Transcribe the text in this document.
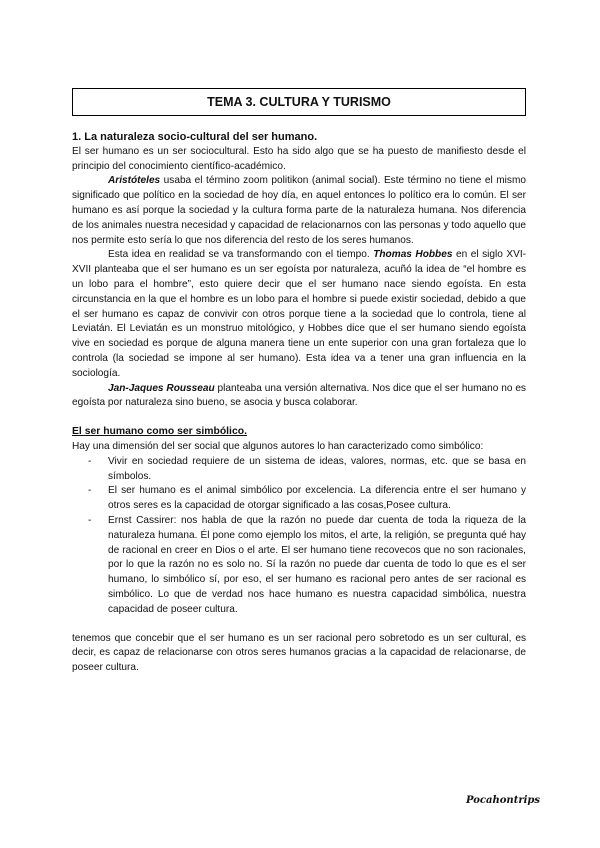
TEMA 3. CULTURA Y TURISMO
1. La naturaleza socio-cultural del ser humano.

El ser humano es un ser sociocultural. Esto ha sido algo que se ha puesto de manifiesto desde el principio del conocimiento científico-académico.

Aristóteles usaba el término zoom politikon (animal social). Este término no tiene el mismo significado que político en la sociedad de hoy día, en aquel entonces lo político era lo común. El ser humano es así porque la sociedad y la cultura forma parte de la naturaleza humana. Nos diferencia de los animales nuestra necesidad y capacidad de relacionarnos con las personas y todo aquello que nos permite esto sería lo que nos diferencia del resto de los seres humanos.

Esta idea en realidad se va transformando con el tiempo. Thomas Hobbes en el siglo XVI-XVII planteaba que el ser humano es un ser egoísta por naturaleza, acuñó la idea de “el hombre es un lobo para el hombre”, esto quiere decir que el ser humano nace siendo egoísta. En esta circunstancia en la que el hombre es un lobo para el hombre si puede existir sociedad, debido a que el ser humano es capaz de convivir con otros porque tiene a la sociedad que lo controla, tiene al Leviatán. El Leviatán es un monstruo mitológico, y Hobbes dice que el ser humano siendo egoísta vive en sociedad es porque de alguna manera tiene un ente superior con una gran fortaleza que lo controla (la sociedad se impone al ser humano). Esta idea va a tener una gran influencia en la sociología.

Jan-Jaques Rousseau planteaba una versión alternativa. Nos dice que el ser humano no es egoísta por naturaleza sino bueno, se asocia y busca colaborar.

El ser humano como ser simbólico.

Hay una dimensión del ser social que algunos autores lo han caracterizado como simbólico:

- Vivir en sociedad requiere de un sistema de ideas, valores, normas, etc. que se basa en símbolos.
- El ser humano es el animal simbólico por excelencia. La diferencia entre el ser humano y otros seres es la capacidad de otorgar significado a las cosas,Posee cultura.
- Ernst Cassirer: nos habla de que la razón no puede dar cuenta de toda la riqueza de la naturaleza humana. Él pone como ejemplo los mitos, el arte, la religión, se pregunta qué hay de racional en creer en Dios o el arte. El ser humano tiene recovecos que no son racionales, por lo que la razón no es solo no. Sí la razón no puede dar cuenta de todo lo que es el ser humano, lo simbólico sí, por eso, el ser humano es racional pero antes de ser racional es simbólico. Lo que de verdad nos hace humano es nuestra capacidad simbólica, nuestra capacidad de poseer cultura.

tenemos que concebir que el ser humano es un ser racional pero sobretodo es un ser cultural, es decir, es capaz de relacionarse con otros seres humanos gracias a la capacidad de relacionarse, de poseer cultura.

Pocahontrips
